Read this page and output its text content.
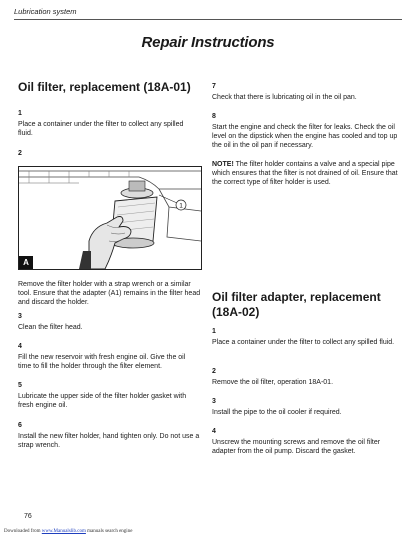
Lubrication system
Repair Instructions
Oil filter, replacement (18A-01)

1

Place a container under the filter to collect any spilled fluid.

2

1
A

Remove the filter holder with a strap wrench or a similar tool. Ensure that the adapter (A1) remains in the filter head and discard the holder.

3

Clean the filter head.

4

Fill the new reservoir with fresh engine oil. Give the oil time to fill the holder through the filter element.

5

Lubricate the upper side of the filter holder gasket with fresh engine oil.

6

Install the new filter holder, hand tighten only. Do not use a strap wrench.

7

Check that there is lubricating oil in the oil pan.

8

Start the engine and check the filter for leaks. Check the oil level on the dipstick when the engine has cooled and top up the oil in the oil pan if necessary.

NOTE! The filter holder contains a valve and a special pipe which ensures that the filter is not drained of oil. Ensure that the correct type of filter holder is used.

Oil filter adapter, replacement (18A-02)

1

Place a container under the filter to collect any spilled fluid.

2

Remove the oil filter, operation 18A-01.

3

Install the pipe to the oil cooler if required.

4

Unscrew the mounting screws and remove the oil filter adapter from the oil pump. Discard the gasket.

76
Downloaded from www.Manualslib.com manuals search engine
